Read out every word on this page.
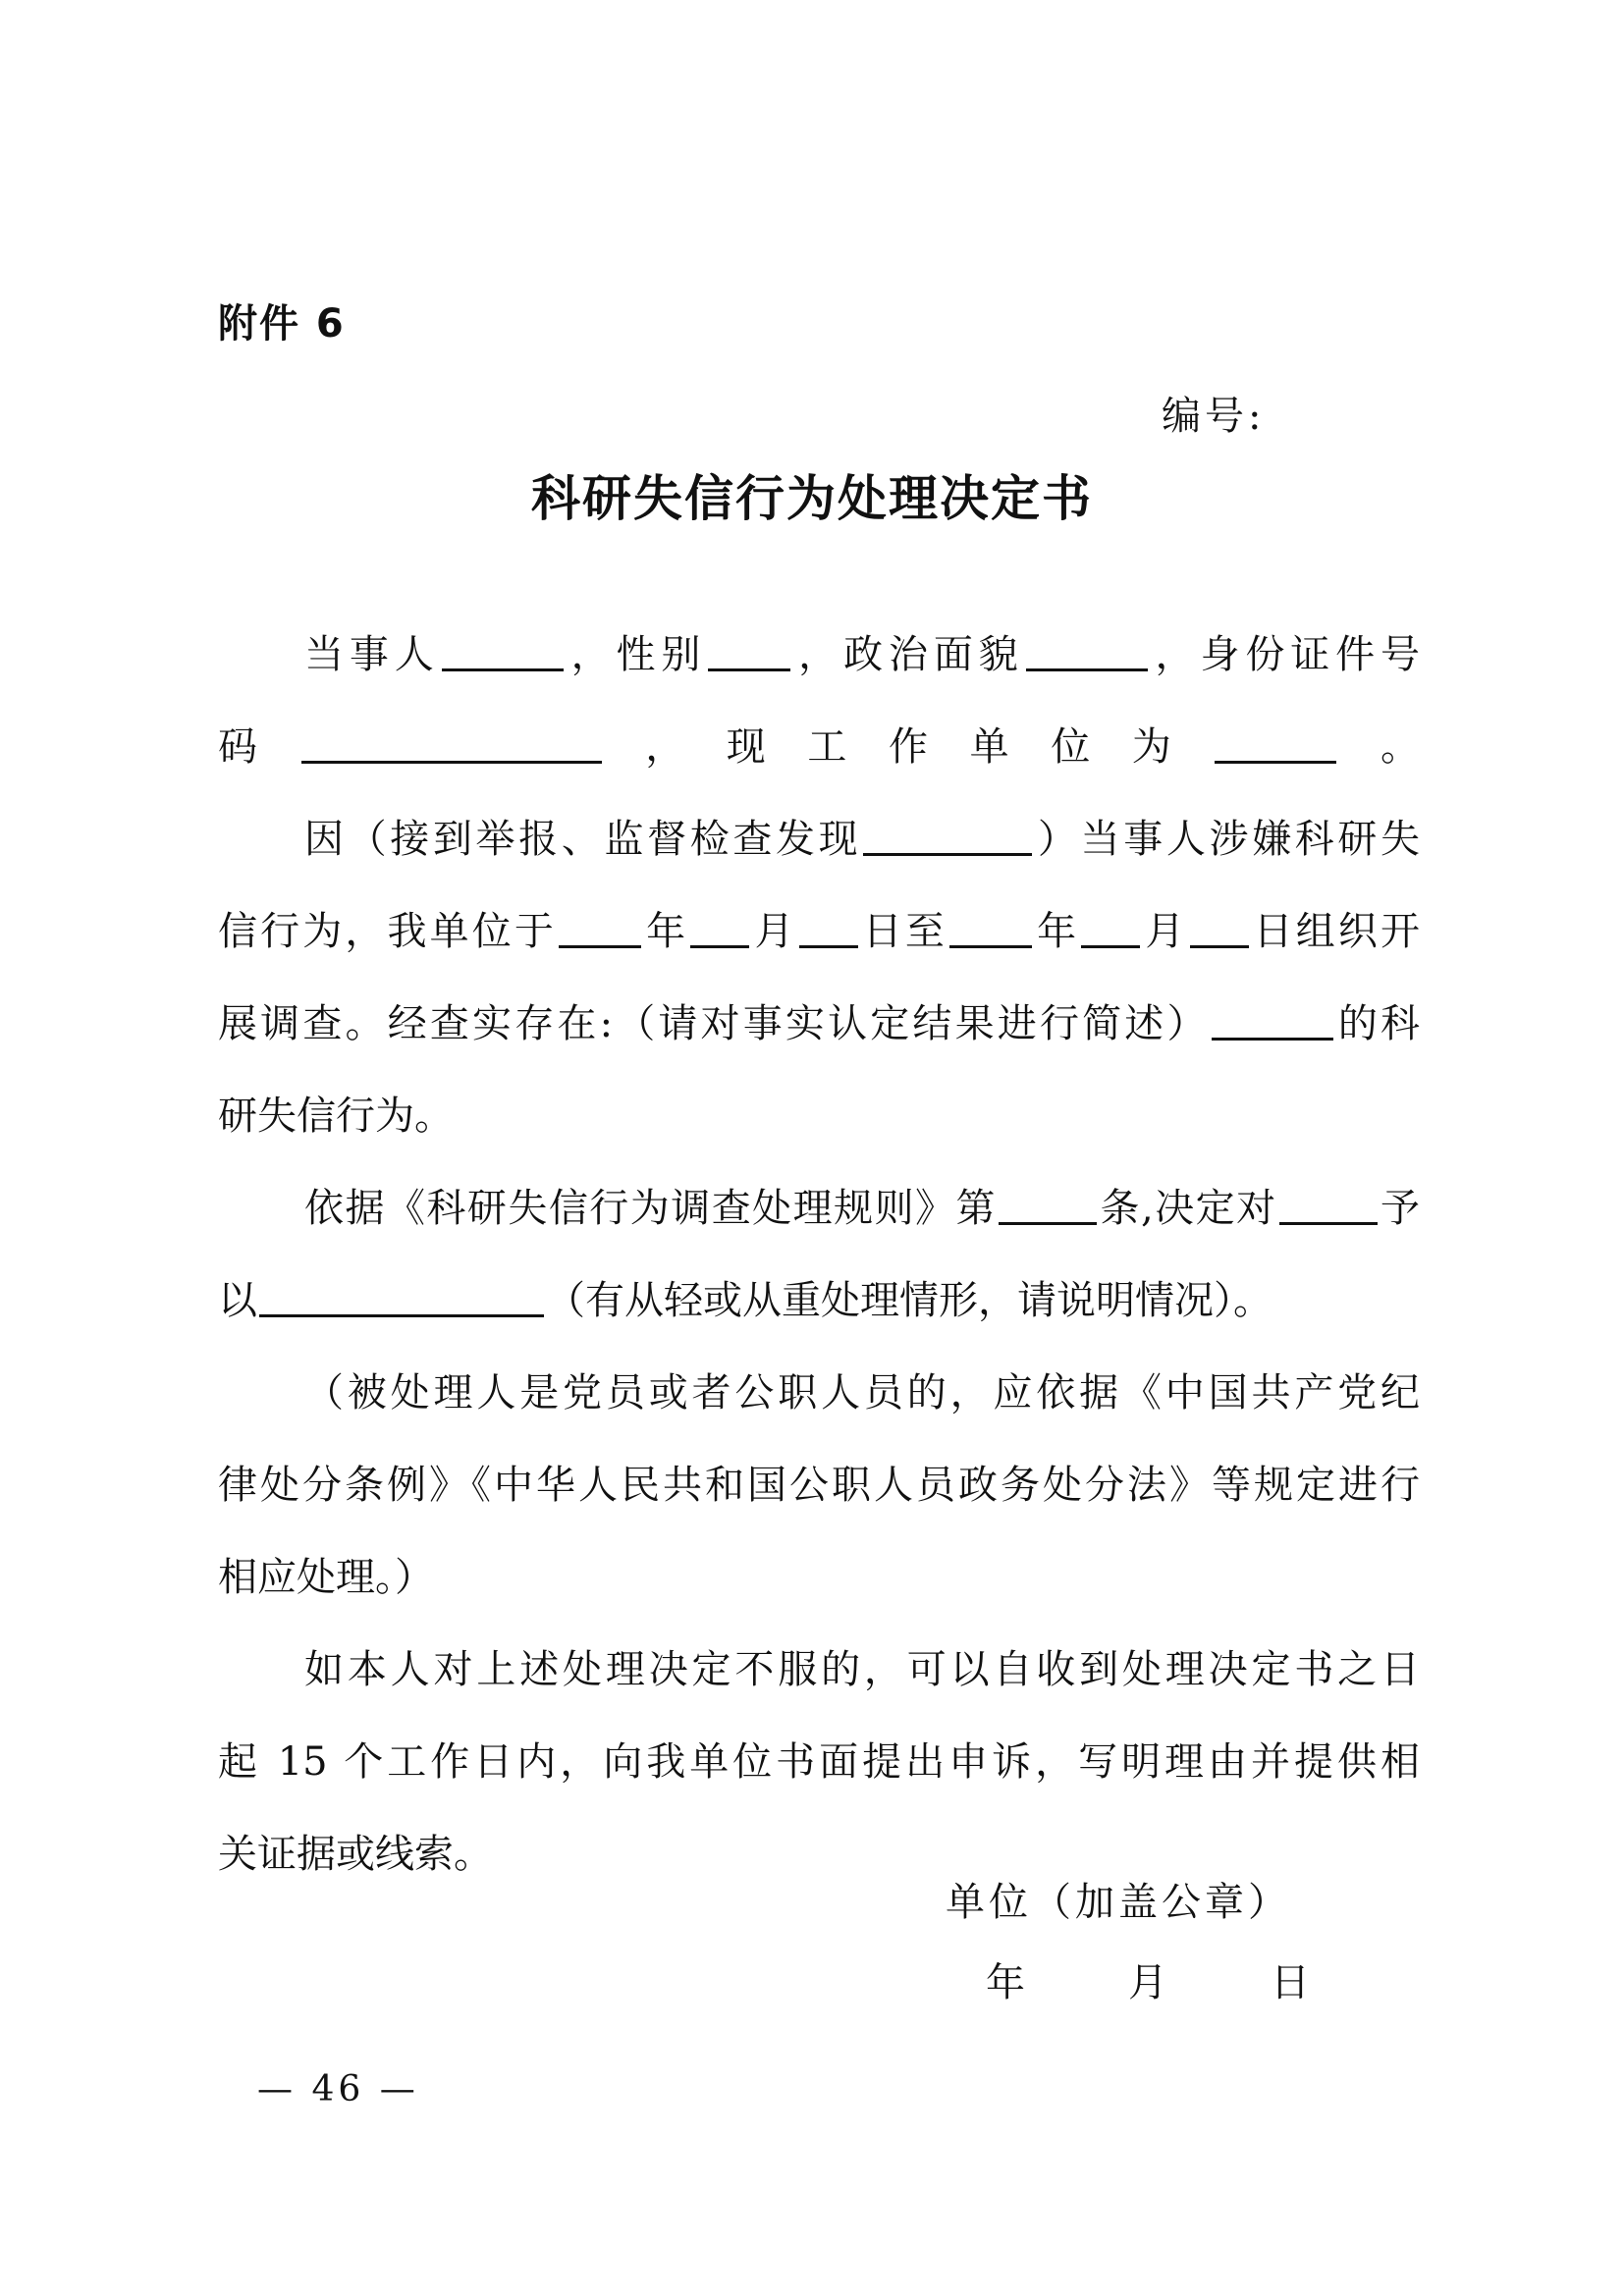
附件 6
编号:
科研失信行为处理决定书
当事人	，性别 ，政治面貌	，身份证件号
码	，现工作单位为	。
因（接到举报、监督检查发现	）当事人涉嫌科研失
信行为，我单位于 年 月 日至 年 月 日组织开
展调查。经查实存在:（请对事实认定结果进行简述）	的科
研失信行为。
依据《科研失信行为调查处理规则》第	条,决定对	予
以	（有从轻或从重处理情形，请说明情况）。
（被处理人是党员或者公职人员的，应依据《中国共产党纪
律处分条例》《中华人民共和国公职人员政务处分法》等规定进行
相应处理。）
如本人对上述处理决定不服的，可以自收到处理决定书之日
起 15 个工作日内，向我单位书面提出申诉，写明理由并提供相
关证据或线索。
单位（加盖公章）
年	月	日
— 46 —
